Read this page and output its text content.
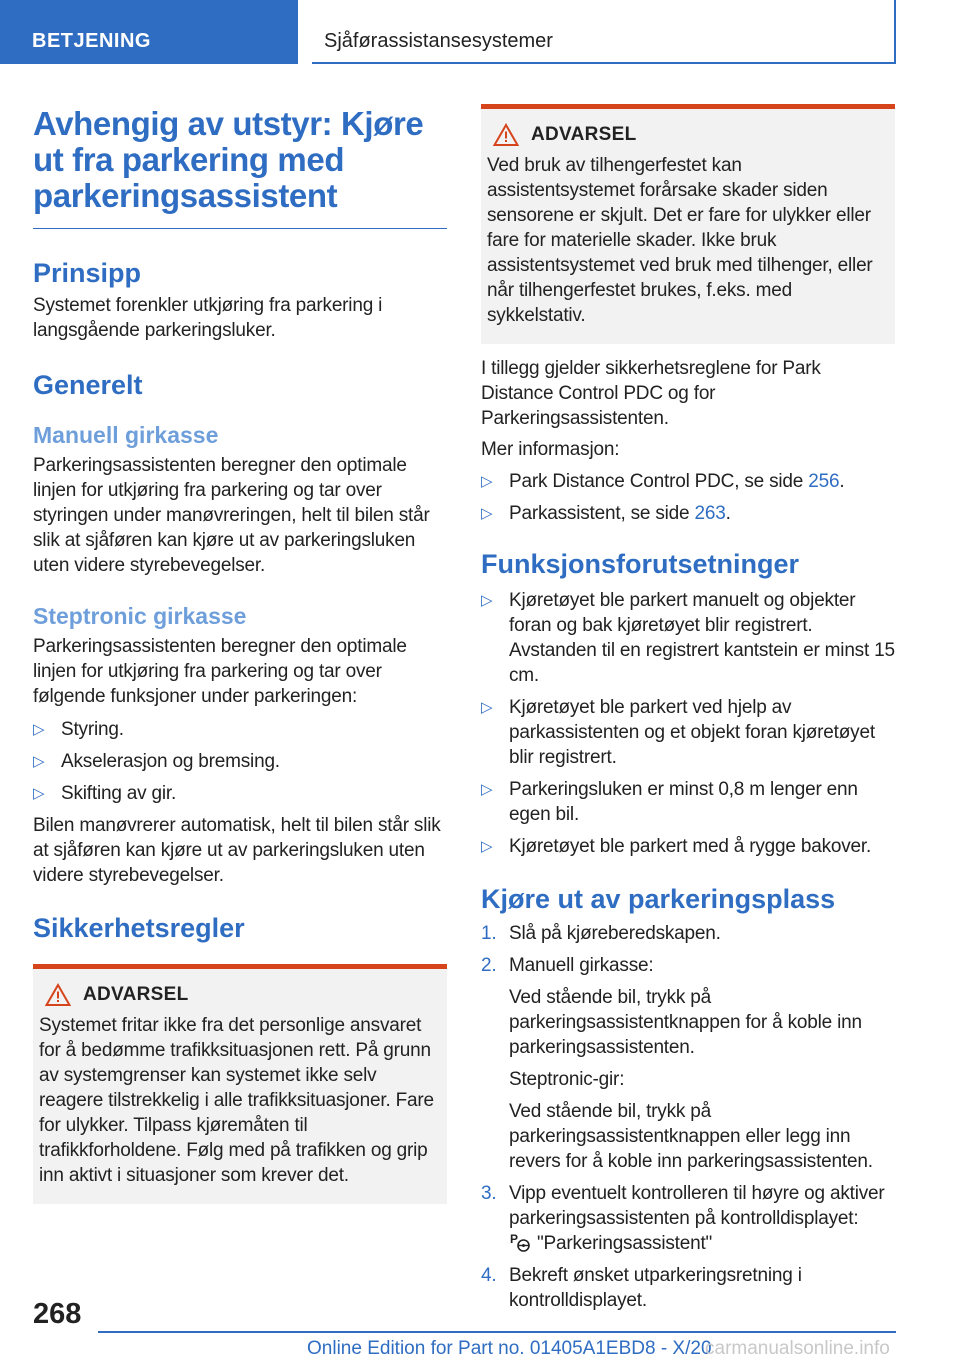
BETJENING	Sjåførassistansesystemer
Avhengig av utstyr: Kjøre ut fra parkering med parkeringsassistent
Prinsipp

Systemet forenkler utkjøring fra parkering i langsgående parkeringsluker.

Generelt
Manuell girkasse

Parkeringsassistenten beregner den optimale linjen for utkjøring fra parkering og tar over styringen under manøvreringen, helt til bilen står slik at sjåføren kan kjøre ut av parkeringsluken uten videre styrebevegelser.

Steptronic girkasse

Parkeringsassistenten beregner den optimale linjen for utkjøring fra parkering og tar over følgende funksjoner under parkeringen:

▷ Styring.
▷ Akselerasjon og bremsing.
▷ Skifting av gir.

Bilen manøvrerer automatisk, helt til bilen står slik at sjåføren kan kjøre ut av parkeringsluken uten videre styrebevegelser.

Sikkerhetsregler
ADVARSEL

Systemet fritar ikke fra det personlige ansvaret for å bedømme trafikksituasjonen rett. På grunn av systemgrenser kan systemet ikke selv reagere tilstrekkelig i alle trafikksituasjoner. Fare for ulykker. Tilpass kjøremåten til trafikkforholdene. Følg med på trafikken og grip inn aktivt i situasjoner som krever det.

ADVARSEL

Ved bruk av tilhengerfestet kan assistentsystemet forårsake skader siden sensorene er skjult. Det er fare for ulykker eller fare for materielle skader. Ikke bruk assistentsystemet ved bruk med tilhenger, eller når tilhengerfestet brukes, f.eks. med sykkelstativ.

I tillegg gjelder sikkerhetsreglene for Park Distance Control PDC og for Parkeringsassistenten.

Mer informasjon:

▷ Park Distance Control PDC, se side 256.
▷ Parkassistent, se side 263.
Funksjonsforutsetninger
▷ Kjøretøyet ble parkert manuelt og objekter foran og bak kjøretøyet blir registrert. Avstanden til en registrert kantstein er minst 15 cm.
▷ Kjøretøyet ble parkert ved hjelp av parkassistenten og et objekt foran kjøretøyet blir registrert.
▷ Parkeringsluken er minst 0,8 m lenger enn egen bil.
▷ Kjøretøyet ble parkert med å rygge bakover.
Kjøre ut av parkeringsplass
1. Slå på kjøreberedskapen.
2. Manuell girkasse:
Ved stående bil, trykk på parkeringsassistentknappen for å koble inn parkeringsassistenten.
Steptronic-gir:
Ved stående bil, trykk på parkeringsassistentknappen eller legg inn revers for å koble inn parkeringsassistenten.
3. Vipp eventuelt kontrolleren til høyre og aktiver parkeringsassistenten på kontrolldisplayet:
P "Parkeringsassistent"
4. Bekreft ønsket utparkeringsretning i kontrolldisplayet.
268
Online Edition for Part no. 01405A1EBD8 - X/20
carmanualsonline.info
